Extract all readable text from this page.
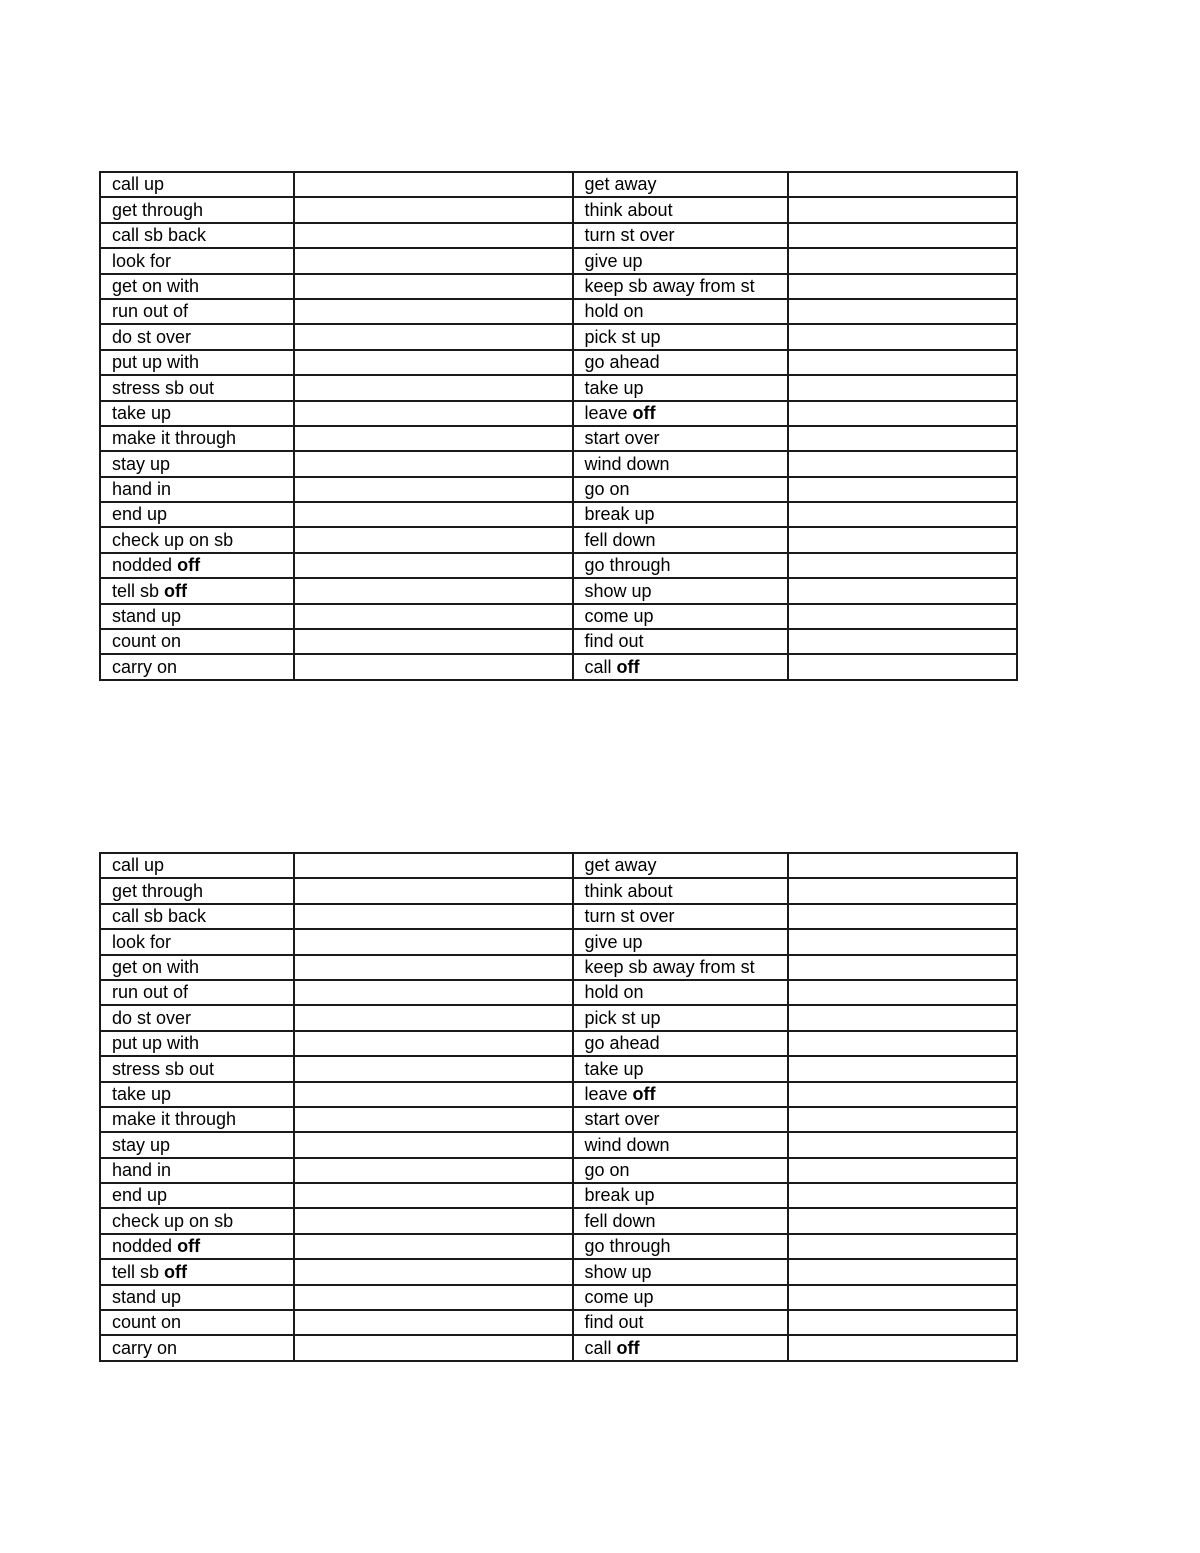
call up		get away	
get through		think about	
call sb back		turn st over	
look for		give up	
get on with		keep sb away from st	
run out of		hold on	
do st over		pick st up	
put up with		go ahead	
stress sb out		take up	
take up		leave off	
make it through		start over	
stay up		wind down	
hand in		go on	
end up		break up	
check up on sb		fell down	
nodded off		go through	
tell sb off		show up	
stand up		come up	
count on		find out	
carry on		call off	
call up		get away	
get through		think about	
call sb back		turn st over	
look for		give up	
get on with		keep sb away from st	
run out of		hold on	
do st over		pick st up	
put up with		go ahead	
stress sb out		take up	
take up		leave off	
make it through		start over	
stay up		wind down	
hand in		go on	
end up		break up	
check up on sb		fell down	
nodded off		go through	
tell sb off		show up	
stand up		come up	
count on		find out	
carry on		call off	
